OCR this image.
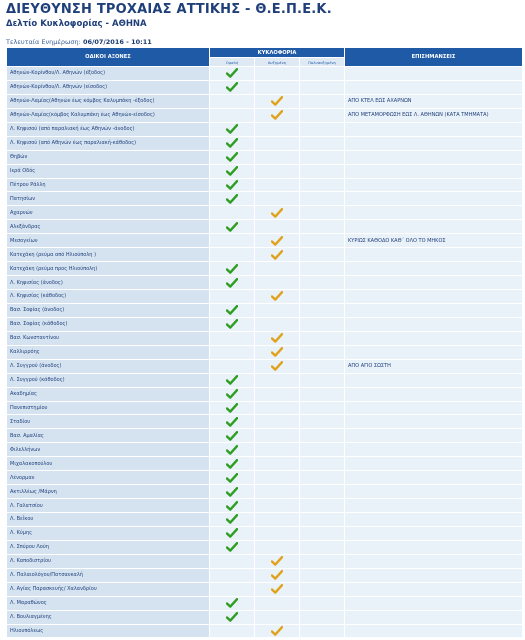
ΔΙΕΥΘΥΝΣΗ ΤΡΟΧΑΙΑΣ ΑΤΤΙΚΗΣ - Θ.Ε.Π.Ε.Κ.
Δελτίο Κυκλοφορίας - ΑΘΗΝΑ
Τελευταία Ενημέρωση: 06/07/2016 - 10:11
ΟΔΙΚΟΙ ΑΞΟΝΕΣ	ΚΥΚΛΟΦΟΡΙΑ			ΕΠΙΣΗΜΑΝΣΕΙΣ
	Ομαλή	Αυξημένη	Πολυαυξημένη	
Αθηνών-Κορίνθου/Λ. Αθηνών (έξοδος)	

Αθηνών-Κορίνθου/Λ. Αθηνών (είσοδος)	

Αθηνών-Λαμίας(Αθηνών έως κόμβος Καλυμπάκη -έξοδος)				ΑΠΟ ΚΤΕΛ ΕΩΣ ΑΧΑΡΝΩΝ
Αθηνών-Λαμίας(κόμβος Καλυμπάκη έως Αθηνών-είσοδος)				ΑΠΟ ΜΕΤΑΜΟΡΦΩΣΗ ΕΩΣ Λ. ΑΘΗΝΩΝ (ΚΑΤΑ ΤΜΗΜΑΤΑ)
Λ. Κηφισού (από παραλιακή έως Αθηνών -άνοδος)	

Λ. Κηφισού (από Αθηνών έως παραλιακή-κάθοδος)	

Θηβών	

Ιερά Οδός	

Πέτρου Ράλλη	

Πατησίων	

Αχαρνών		

Αλεξάνδρας	

Μεσογείων				ΚΥΡΙΩΣ ΚΑΘΟΔΟ ΚΑΘ΄ ΟΛΟ ΤΟ ΜΗΚΟΣ
Κατεχάκη (ρεύμα από Ηλιούπολη )		

Κατεχάκη (ρεύμα προς Ηλιούπολη)	

Λ. Κηφισίας (άνοδος)	

Λ. Κηφισίας (κάθοδος)		

Βασ. Σοφίας (άνοδος)	

Βασ. Σοφίας (κάθοδος)	

Βασ. Κωνσταντίνου		

Καλλιρρόης		

Λ. Συγγρού (άνοδος)				ΑΠΟ ΑΓΙΟ ΣΩΣΤΗ
Λ. Συγγρού (κάθοδος)	

Ακαδημίας	

Πανεπιστημίου	

Σταδίου	

Βασ. Αμαλίας	

Φιλελλήνων	

Μιχαλακοπούλου	

Λένορμαν	

Ακτιλλέως /Μάρνη	

Λ. Γαλατσίου	

Λ. Βεΐκου	

Λ. Κύμης	

Λ. Σπύρου Λούη	

Λ. Καποδιστρίου		

Λ. Παλαιολόγου/Πατσανκαλή		

Λ. Αγίας Παρασκευής/ Χαλανδρίου		

Λ. Μαραθώνος	

Λ. Βουλιαγμένης	

Ηλιουπόλεως		
